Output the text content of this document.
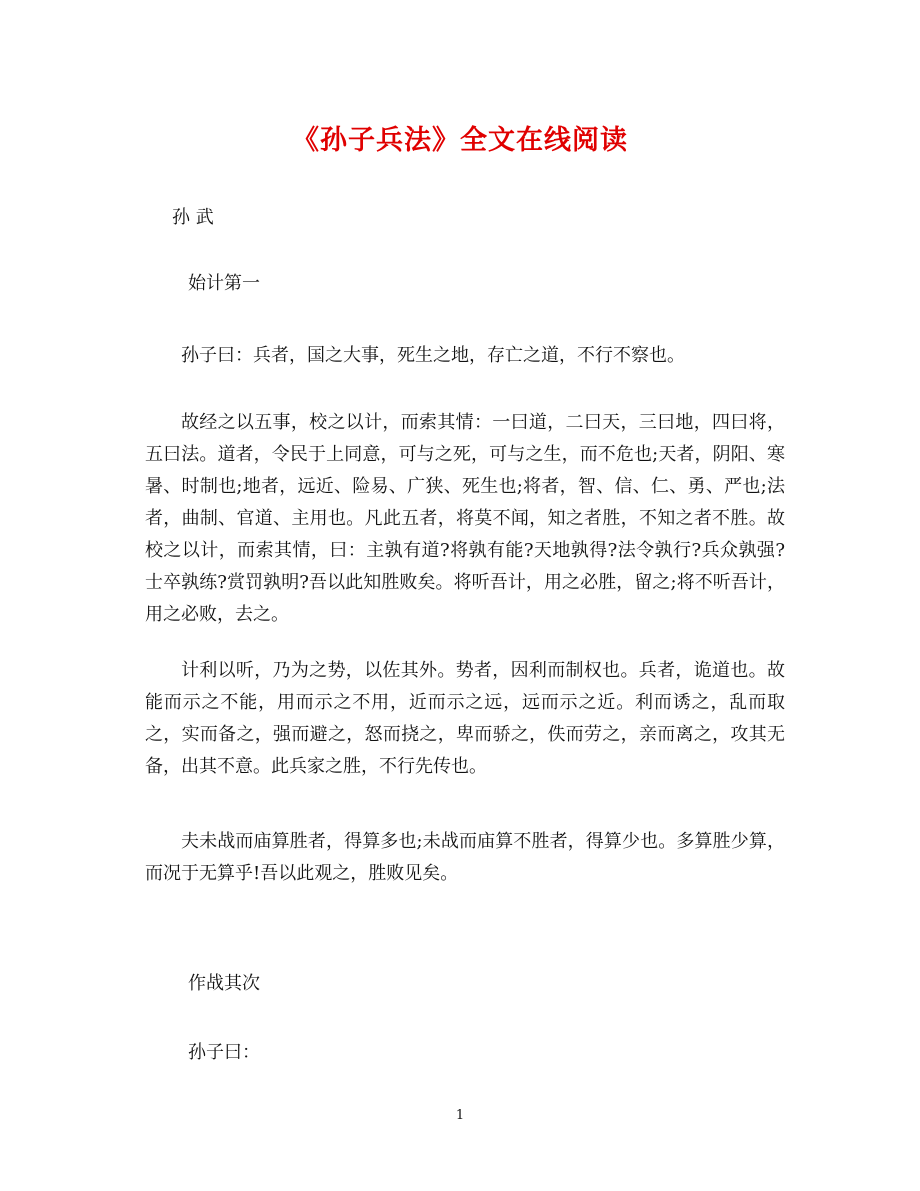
《孙子兵法》全文在线阅读
孙 武
始计第一
孙子曰：兵者，国之大事，死生之地，存亡之道，不行不察也。
故经之以五事，校之以计，而索其情：一曰道，二曰天，三曰地，四曰将，五曰法。道者，令民于上同意，可与之死，可与之生，而不危也;天者，阴阳、寒暑、时制也;地者，远近、险易、广狭、死生也;将者，智、信、仁、勇、严也;法者，曲制、官道、主用也。凡此五者，将莫不闻，知之者胜，不知之者不胜。故校之以计，而索其情，曰：主孰有道?将孰有能?天地孰得?法令孰行?兵众孰强?士卒孰练?赏罚孰明?吾以此知胜败矣。将听吾计，用之必胜，留之;将不听吾计，用之必败，去之。
计利以听，乃为之势，以佐其外。势者，因利而制权也。兵者，诡道也。故能而示之不能，用而示之不用，近而示之远，远而示之近。利而诱之，乱而取之，实而备之，强而避之，怒而挠之，卑而骄之，佚而劳之，亲而离之，攻其无备，出其不意。此兵家之胜，不行先传也。
夫未战而庙算胜者，得算多也;未战而庙算不胜者，得算少也。多算胜少算，而况于无算乎!吾以此观之，胜败见矣。
作战其次
孙子曰：
1
